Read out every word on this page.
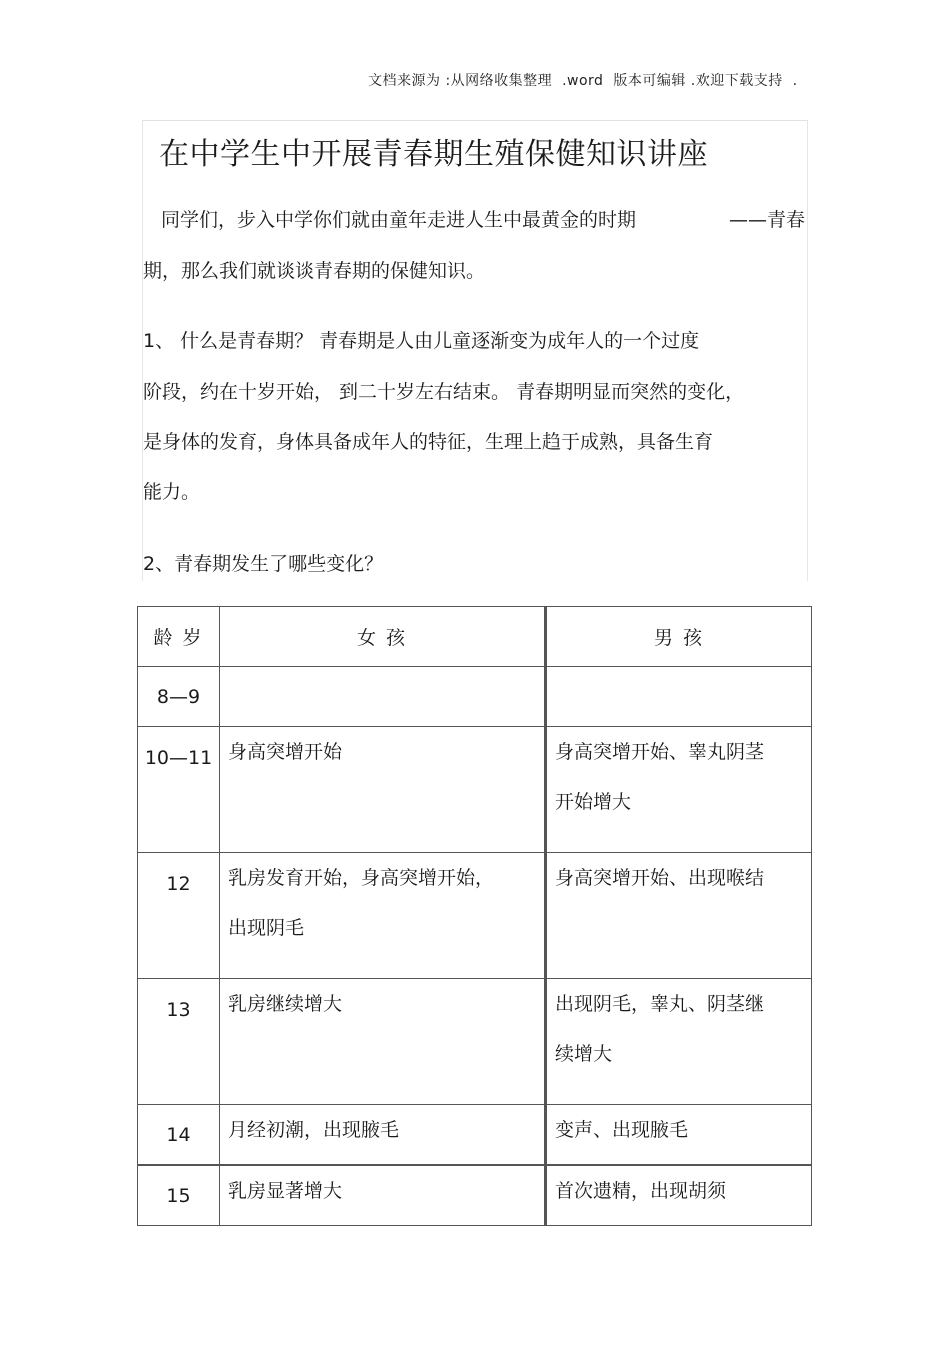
文档来源为 :从网络收集整理  .word  版本可编辑 .欢迎下载支持  .
在中学生中开展青春期生殖保健知识讲座
同学们，步入中学你们就由童年走进人生中最黄金的时期	——青春
期，那么我们就谈谈青春期的保健知识。
1、 什么是青春期？ 青春期是人由儿童逐渐变为成年人的一个过度
阶段，约在十岁开始， 到二十岁左右结束。 青春期明显而突然的变化，
是身体的发育，身体具备成年人的特征，生理上趋于成熟，具备生育
能力。
2、青春期发生了哪些变化？
龄 岁	女 孩	男 孩
8—9		

10—11	身高突增开始	身高突增开始、睾丸阴茎
开始增大

12	乳房发育开始，身高突增开始，
出现阴毛	身高突增开始、出现喉结

13	乳房继续增大	出现阴毛，睾丸、阴茎继
续增大

14	月经初潮，出现腋毛	变声、出现腋毛

15	乳房显著增大	首次遗精，出现胡须
